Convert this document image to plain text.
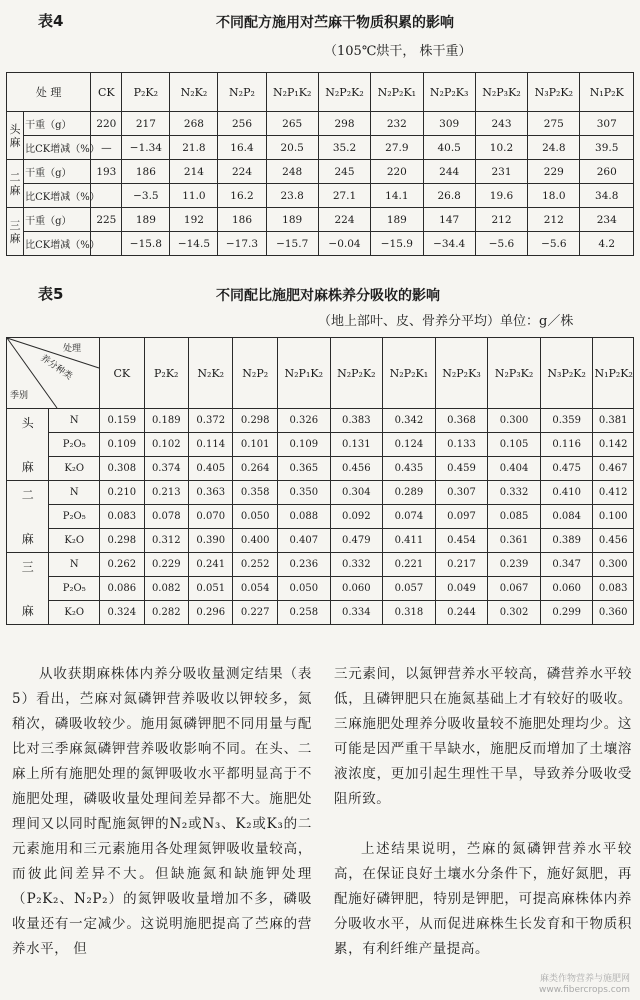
表4	不同配方施用对苎麻干物质积累的影响
（105℃烘干， 株干重）
处 理		CK	P₂K₂	N₂K₂	N₂P₂	N₂P₁K₂	N₂P₂K₂	N₂P₂K₁	N₂P₂K₃	N₂P₃K₂	N₃P₂K₂	N₁P₂K
头麻	干重（g）	220	217	268	256	265	298	232	309	243	275	307
	比CK增减（%）	—	−1.34	21.8	16.4	20.5	35.2	27.9	40.5	10.2	24.8	39.5
二麻	干重（g）	193	186	214	224	248	245	220	244	231	229	260
	比CK增减（%）		−3.5	11.0	16.2	23.8	27.1	14.1	26.8	19.6	18.0	34.8
三麻	干重（g）	225	189	192	186	189	224	189	147	212	212	234
	比CK增减（%）		−15.8	−14.5	−17.3	−15.7	−0.04	−15.9	−34.4	−5.6	−5.6	4.2
表5	不同配比施肥对麻株养分吸收的影响
（地上部叶、皮、骨养分平均）单位：g／株
处理
养分种类
季别		CK	P₂K₂	N₂K₂	N₂P₂	N₂P₁K₂	N₂P₂K₂	N₂P₂K₁	N₂P₂K₃	N₂P₃K₂	N₃P₂K₂	N₁P₂K₂
头

麻	N	0.159	0.189	0.372	0.298	0.326	0.383	0.342	0.368	0.300	0.359	0.381
	P₂O₅	0.109	0.102	0.114	0.101	0.109	0.131	0.124	0.133	0.105	0.116	0.142
	K₂O	0.308	0.374	0.405	0.264	0.365	0.456	0.435	0.459	0.404	0.475	0.467
二

麻	N	0.210	0.213	0.363	0.358	0.350	0.304	0.289	0.307	0.332	0.410	0.412
	P₂O₅	0.083	0.078	0.070	0.050	0.088	0.092	0.074	0.097	0.085	0.084	0.100
	K₂O	0.298	0.312	0.390	0.400	0.407	0.479	0.411	0.454	0.361	0.389	0.456
三

麻	N	0.262	0.229	0.241	0.252	0.236	0.332	0.221	0.217	0.239	0.347	0.300
	P₂O₅	0.086	0.082	0.051	0.054	0.050	0.060	0.057	0.049	0.067	0.060	0.083
	K₂O	0.324	0.282	0.296	0.227	0.258	0.334	0.318	0.244	0.302	0.299	0.360

从收获期麻株体内养分吸收量测定结果（表5）看出，苎麻对氮磷钾营养吸收以钾较多，氮稍次，磷吸收较少。施用氮磷钾肥不同用量与配比对三季麻氮磷钾营养吸收影响不同。在头、二麻上所有施肥处理的氮钾吸收水平都明显高于不施肥处理，磷吸收量处理间差异都不大。施肥处理间又以同时配施氮钾的N₂或N₃、K₂或K₃的二元素施用和三元素施用各处理氮钾吸收量较高，而彼此间差异不大。但缺施氮和缺施钾处理（P₂K₂、N₂P₂）的氮钾吸收量增加不多，磷吸收量还有一定减少。这说明施肥提高了苎麻的营养水平， 但

三元素间，以氮钾营养水平较高，磷营养水平较低，且磷钾肥只在施氮基础上才有较好的吸收。三麻施肥处理养分吸收量较不施肥处理均少。这可能是因严重干旱缺水，施肥反而增加了土壤溶液浓度，更加引起生理性干旱，导致养分吸收受阻所致。

上述结果说明，苎麻的氮磷钾营养水平较高，在保证良好土壤水分条件下，施好氮肥，再配施好磷钾肥，特别是钾肥，可提高麻株体内养分吸收水平，从而促进麻株生长发育和干物质积累，有利纤维产量提高。

麻类作物营养与施肥网
www.fibercrops.com
